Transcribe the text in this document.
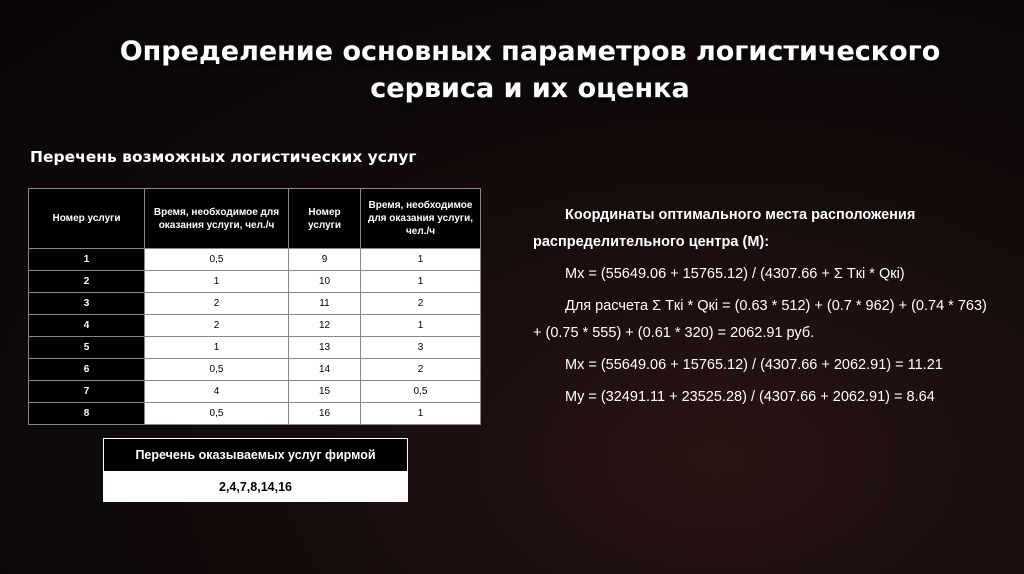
Определение основных параметров логистического сервиса и их оценка
Перечень возможных логистических услуг
Номер услуги	Время, необходимое для оказания услуги, чел./ч	Номер услуги	Время, необходимое для оказания услуги, чел./ч
1	0,5	9	1
2	1	10	1
3	2	11	2
4	2	12	1
5	1	13	3
6	0,5	14	2
7	4	15	0,5
8	0,5	16	1
Перечень оказываемых услуг фирмой
2,4,7,8,14,16

Координаты оптимального места расположения распределительного центра (М):

Mx = (55649.06 + 15765.12) / (4307.66 + Σ Tкi * Qкi)

Для расчета Σ Tкi * Qкi = (0.63 * 512) + (0.7 * 962) + (0.74 * 763) + (0.75 * 555) + (0.61 * 320) = 2062.91 руб.

Mx = (55649.06 + 15765.12) / (4307.66 + 2062.91) = 11.21

My = (32491.11 + 23525.28) / (4307.66 + 2062.91) = 8.64
